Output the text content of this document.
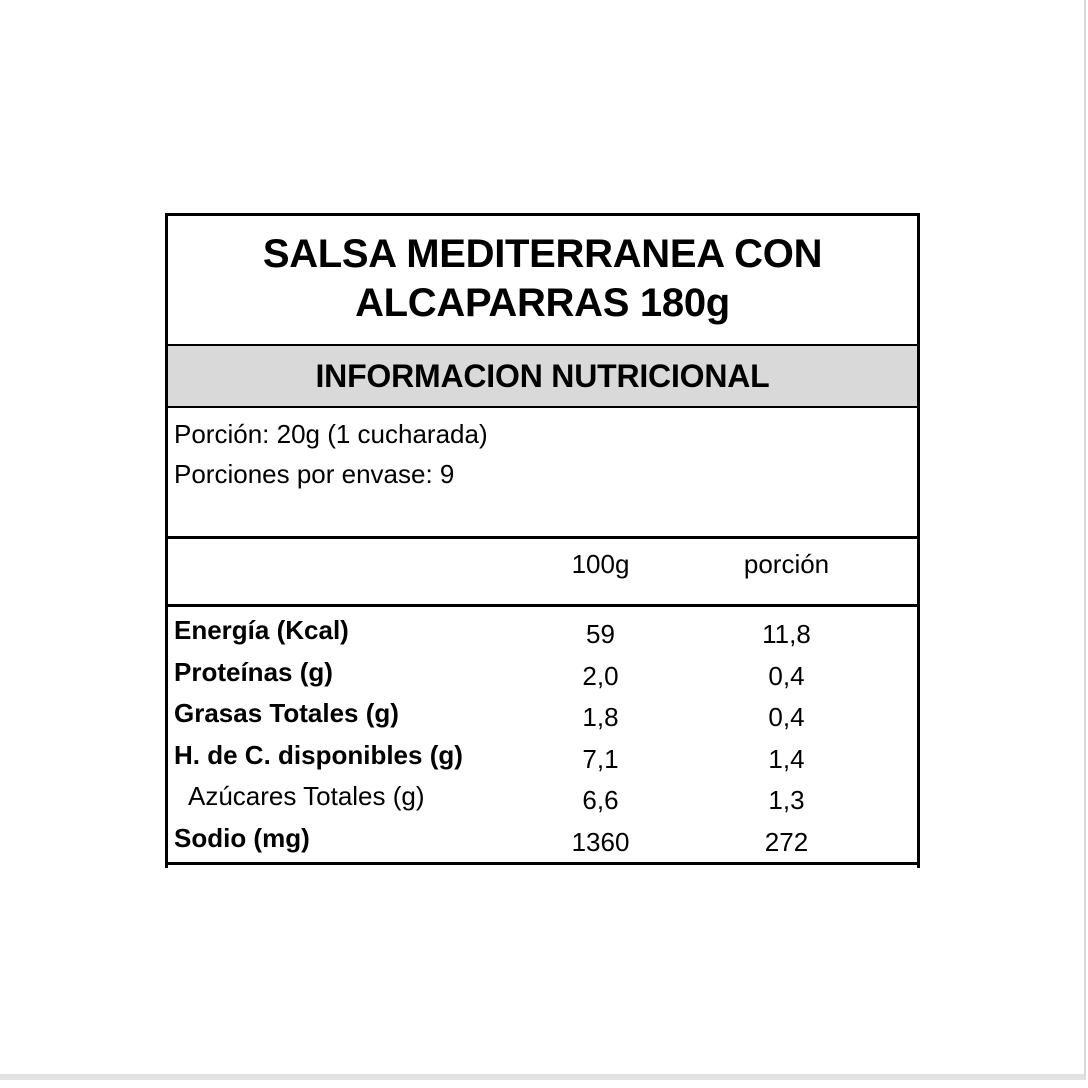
SALSA MEDITERRANEA CON
ALCAPARRAS 180g
INFORMACION NUTRICIONAL
Porción: 20g (1 cucharada)
Porciones por envase: 9
100g	porción
Energía (Kcal)	59	11,8
Proteínas (g)	2,0	0,4
Grasas Totales (g)	1,8	0,4
H. de C. disponibles (g)	7,1	1,4
Azúcares Totales (g)	6,6	1,3
Sodio (mg)	1360	272
